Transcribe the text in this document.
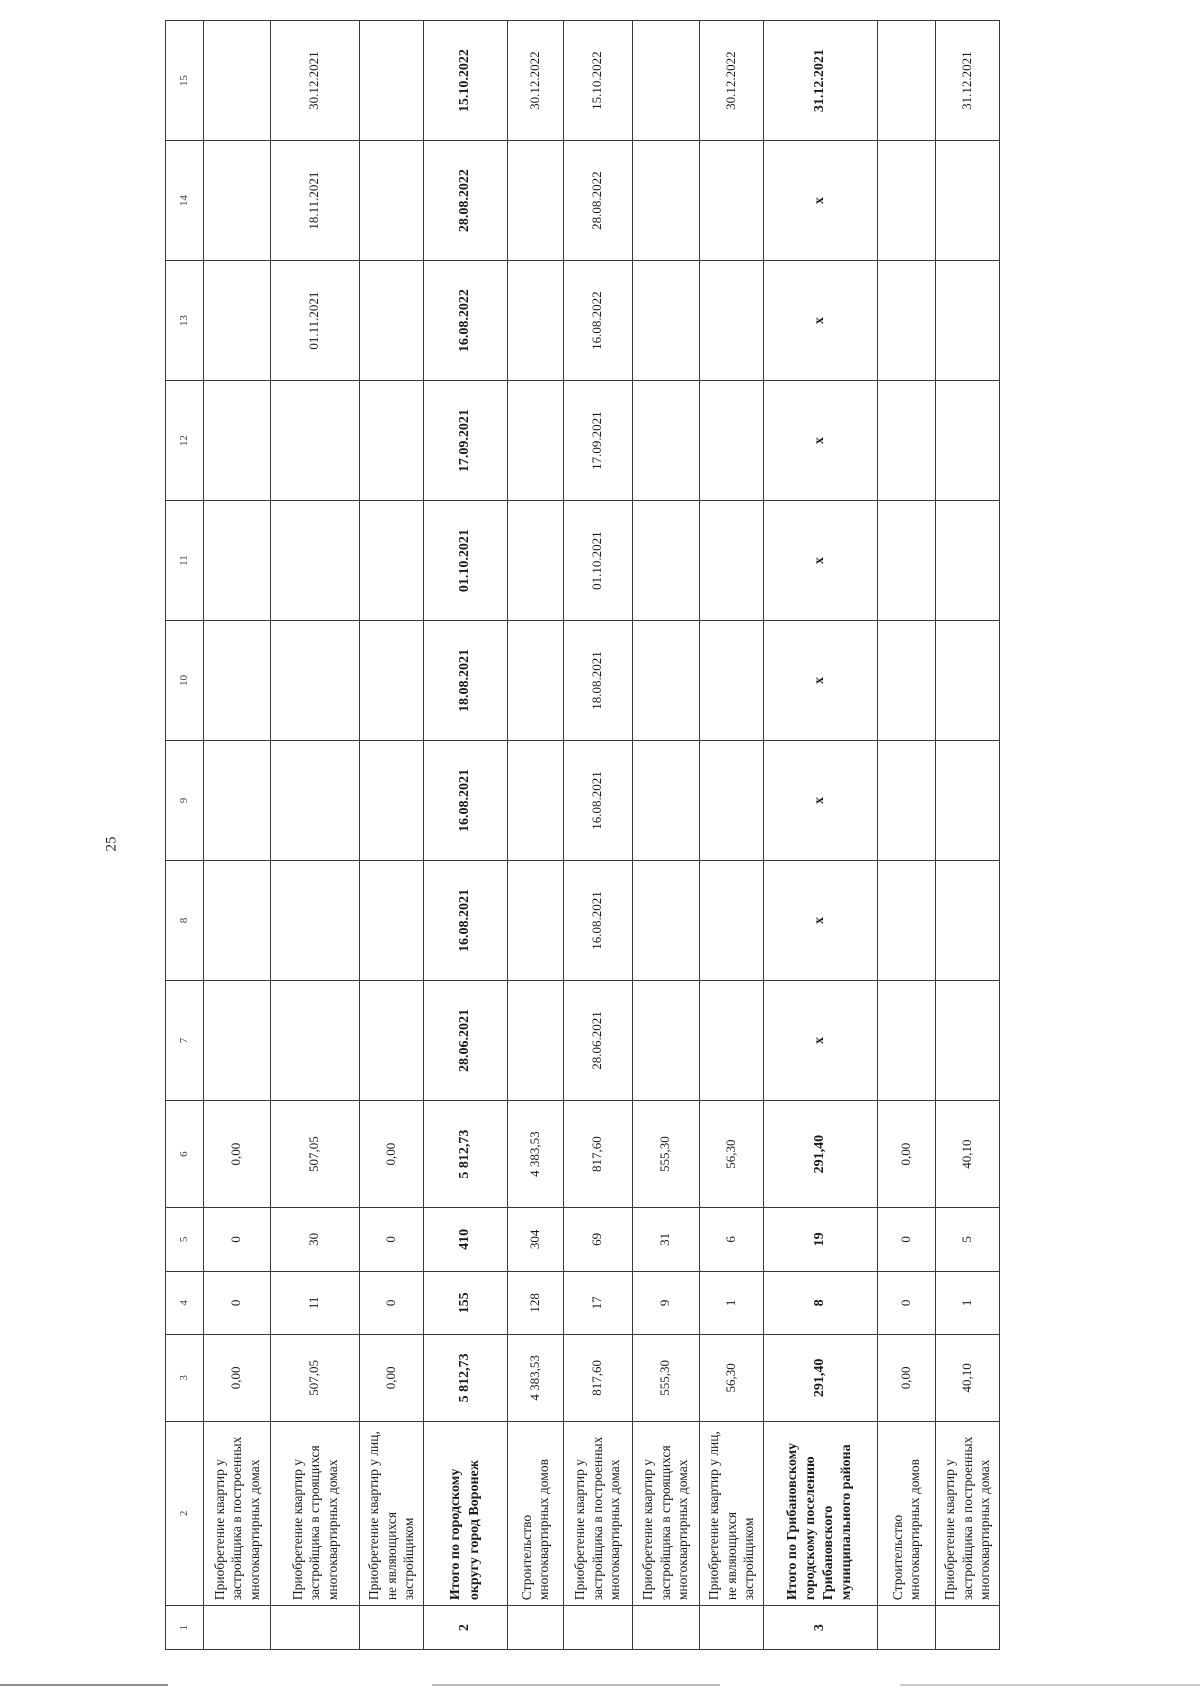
25
1	2	3	4	5	6	7	8	9	10	11	12	13	14	15
	Приобретение квартир у застройщика в построенных многоквартирных домах	0,00	0	0	0,00									
	Приобретение квартир у застройщика в строящихся многоквартирных домах	507,05	11	30	507,05							01.11.2021	18.11.2021	30.12.2021
	Приобретение квартир у лиц, не являющихся застройщиком	0,00	0	0	0,00									
2	Итого по городскому округу город Воронеж	5 812,73	155	410	5 812,73	28.06.2021	16.08.2021	16.08.2021	18.08.2021	01.10.2021	17.09.2021	16.08.2022	28.08.2022	15.10.2022
	Строительство многоквартирных домов	4 383,53	128	304	4 383,53									30.12.2022
	Приобретение квартир у застройщика в построенных многоквартирных домах	817,60	17	69	817,60	28.06.2021	16.08.2021	16.08.2021	18.08.2021	01.10.2021	17.09.2021	16.08.2022	28.08.2022	15.10.2022
	Приобретение квартир у застройщика в строящихся многоквартирных домах	555,30	9	31	555,30									
	Приобретение квартир у лиц, не являющихся застройщиком	56,30	1	6	56,30									30.12.2022
3	Итого по Грибановскому городскому поселению Грибановского муниципального района	291,40	8	19	291,40	x	x	x	x	x	x	x	x	31.12.2021
	Строительство многоквартирных домов	0,00	0	0	0,00									
	Приобретение квартир у застройщика в построенных многоквартирных домах	40,10	1	5	40,10									31.12.2021
